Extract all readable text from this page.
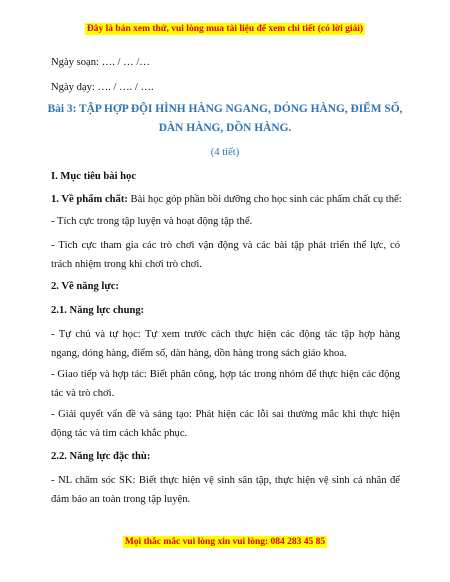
Đây là bản xem thử, vui lòng mua tài liệu để xem chi tiết (có lời giải)
Ngày soạn: …. / … /…
Ngày dạy: …. / …. / ….
Bài 3: TẬP HỢP ĐỘI HÌNH HÀNG NGANG, DÓNG HÀNG, ĐIỂM SỐ,
DÀN HÀNG, DỒN HÀNG.
(4 tiết)
I. Mục tiêu bài học
1. Về phẩm chất: Bài học góp phần bồi dưỡng cho học sinh các phẩm chất cụ thể:
- Tích cực trong tập luyện và hoạt động tập thể.
- Tích cực tham gia các trò chơi vận động và các bài tập phát triển thể lực, có trách nhiệm trong khi chơi trò chơi.
2. Về năng lực:
2.1. Năng lực chung:
- Tự chủ và tự học: Tự xem trước cách thực hiện các động tác tập hợp hàng ngang, dóng hàng, điểm số, dàn hàng, dồn hàng trong sách giáo khoa.
- Giao tiếp và hợp tác: Biết phân công, hợp tác trong nhóm để thực hiện các động tác và trò chơi.
- Giải quyết vấn đề và sáng tạo: Phát hiện các lỗi sai thường mắc khi thực hiện động tác và tìm cách khắc phục.
2.2. Năng lực đặc thù:
- NL chăm sóc SK: Biết thực hiện vệ sinh sân tập, thực hiện vệ sinh cá nhân để đảm bảo an toàn trong tập luyện.
Mọi thắc mắc vui lòng xin vui lòng: 084 283 45 85
